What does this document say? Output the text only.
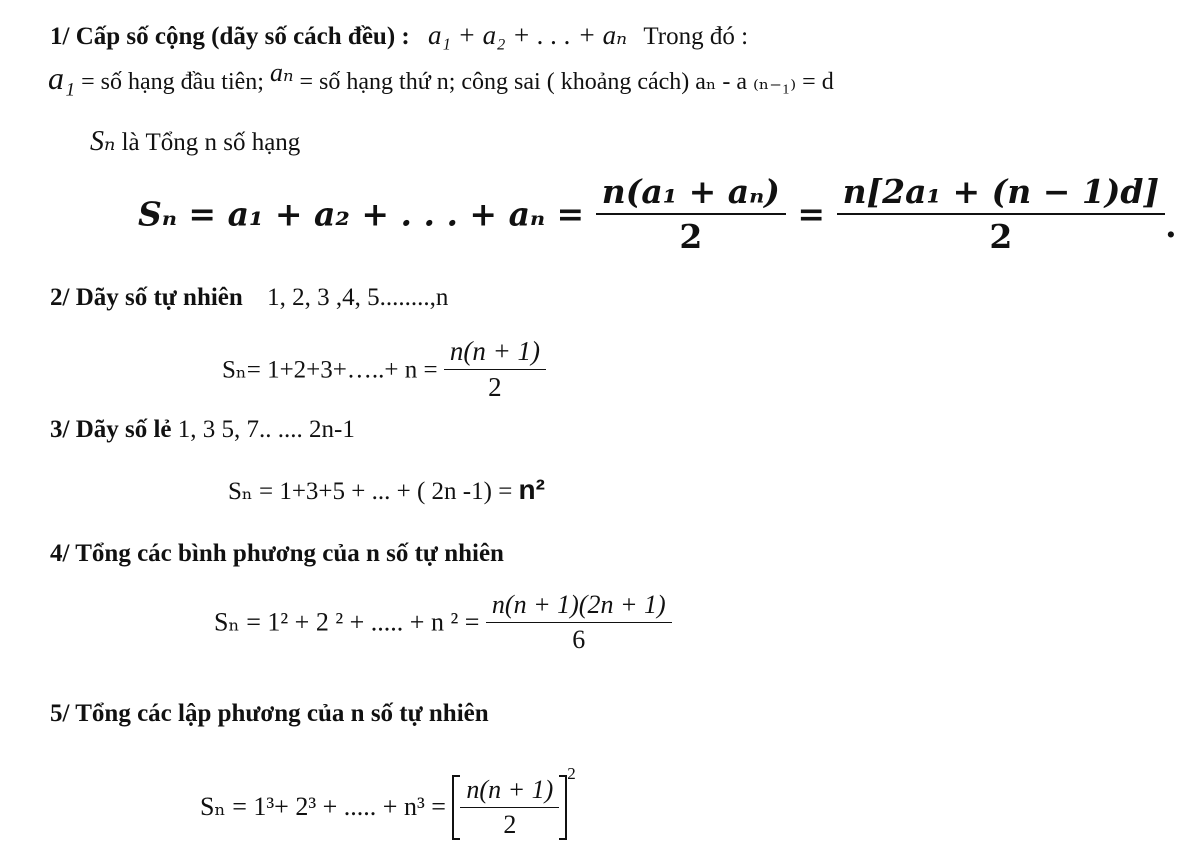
1/ Cấp số cộng (dãy số cách đều) : a₁ + a₂ + . . . + aₙ Trong đó :
a₁ = số hạng đầu tiên; aₙ = số hạng thứ n; công sai ( khoảng cách) aₙ - a ₍ₙ₋₁₎ = d
Sₙ là Tổng n số hạng
Sₙ = a₁ + a₂ + . . . + $a_n = \frac{\text{n(a₁ + aₙ)}}{2} = \frac{\text{n[2a₁ + (n − 1)d]}}{2}$ .
2/ Dãy số tự nhiên 1, 2, 3 ,4, 5........,n
Sₙ= 1+2+3+…..+ $n = \frac{n(n + 1)}{2}$
3/ Dãy số lẻ 1, 3 5, 7.. .... 2n-1
Sₙ = 1+3+5 + ... + ( 2n -1) = n²
4/ Tổng các bình phương của n số tự nhiên
Sₙ = 1² + 2 ² + ..... + n $^2 = \frac{n(n + 1)(2n + 1)}{6}$
5/ Tổng các lập phương của n số tự nhiên
Sₙ = 1³+ 2³ + ..... + $n^3 = \frac{n(n + 1)}{2}$
$^2$
